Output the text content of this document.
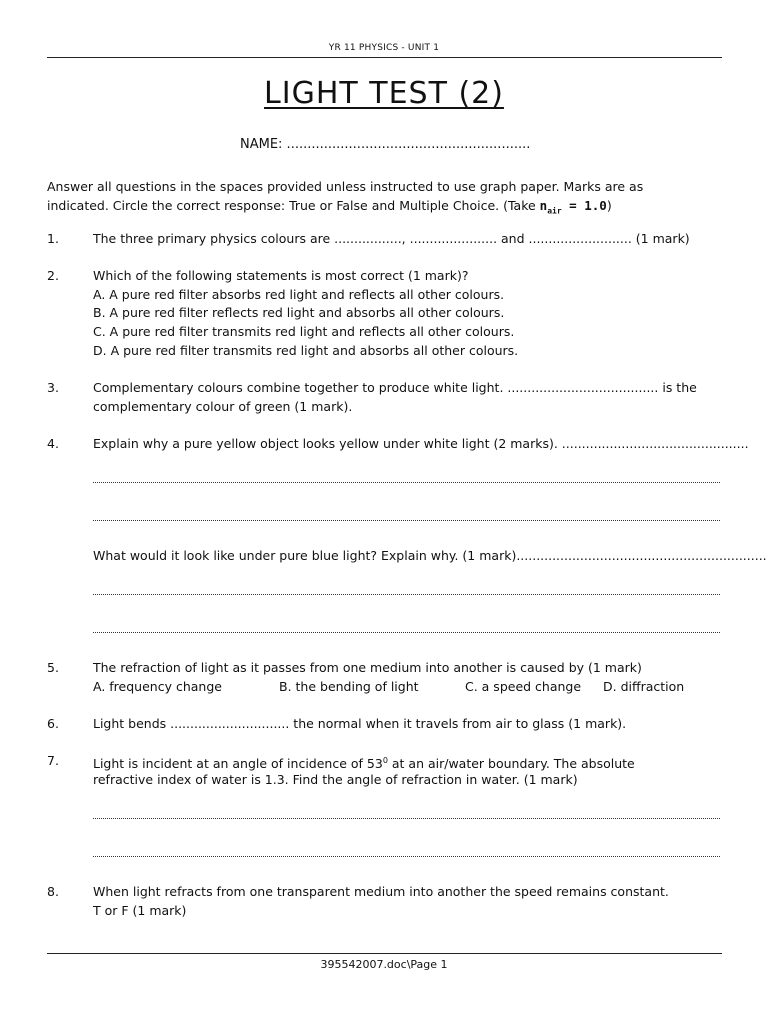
YR 11 PHYSICS - UNIT 1
LIGHT TEST (2)
NAME: ...........................................................
Answer all questions in the spaces provided unless instructed to use graph paper. Marks are as
indicated. Circle the correct response: True or False and Multiple Choice. (Take $n_{air} = 1.0$)
1.	The three primary physics colours are ................., ...................... and .......................... (1 mark)
2.	Which of the following statements is most correct (1 mark)?
A. A pure red filter absorbs red light and reflects all other colours.
B. A pure red filter reflects red light and absorbs all other colours.
C. A pure red filter transmits red light and reflects all other colours.
D. A pure red filter transmits red light and absorbs all other colours.
3.	Complementary colours combine together to produce white light. ...................................... is the
complementary colour of green (1 mark).
4.	Explain why a pure yellow object looks yellow under white light (2 marks). ...............................................
What would it look like under pure blue light? Explain why. (1 mark)...............................................................
5.	The refraction of light as it passes from one medium into another is caused by (1 mark)
A. frequency change	B. the bending of light	C. a speed change D. diffraction
6.	Light bends .............................. the normal when it travels from air to glass (1 mark).
7.	Light is incident at an angle of incidence of $53^0$ at an air/water boundary. The absolute
refractive index of water is 1.3. Find the angle of refraction in water. (1 mark)
8.	When light refracts from one transparent medium into another the speed remains constant.
T or F (1 mark)
395542007.doc\Page 1
